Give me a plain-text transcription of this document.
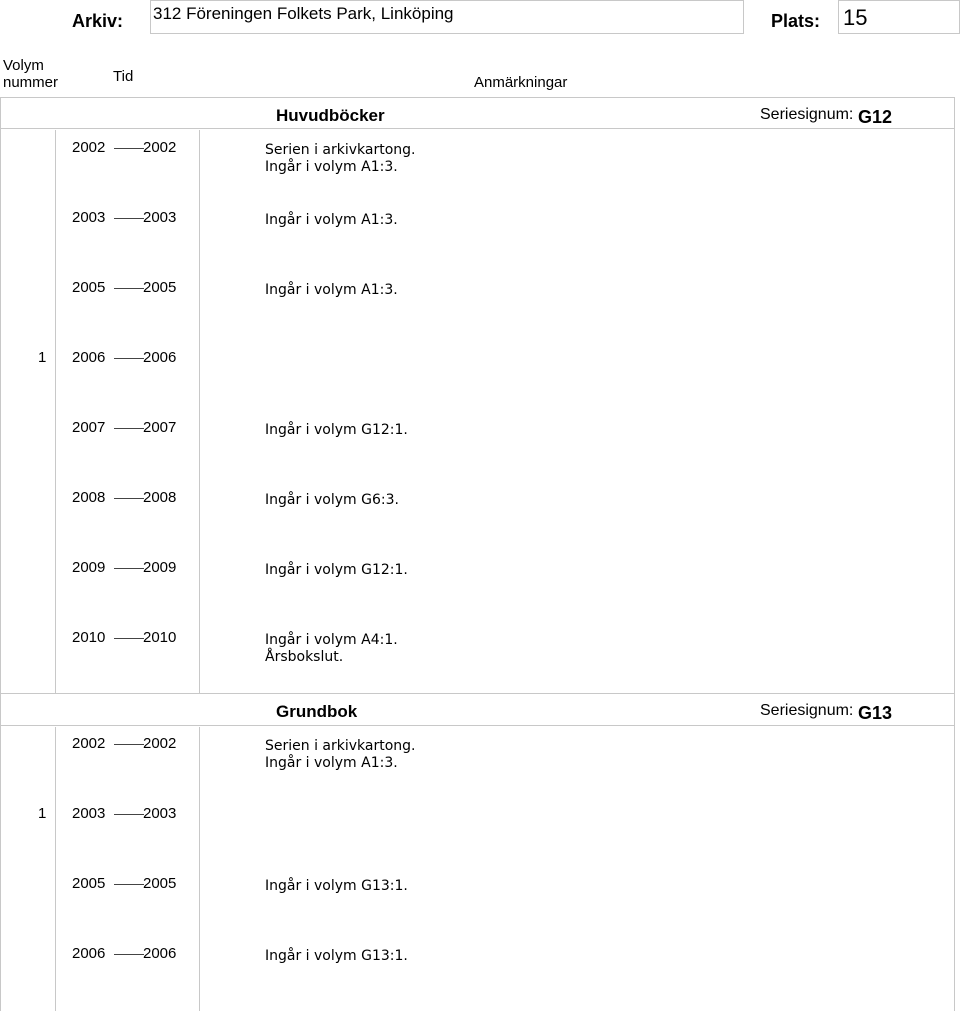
Arkiv: 312 Föreningen Folkets Park, Linköping	Plats: 15
Volym
nummer	Tid	Anmärkningar
Huvudböcker	Seriesignum: G12
2002	2002	Serien i arkivkartong.
Ingår i volym A1:3.
2003	2003	Ingår i volym A1:3.
2005	2005	Ingår i volym A1:3.
1 2006	2006
2007	2007	Ingår i volym G12:1.
2008	2008	Ingår i volym G6:3.
2009	2009	Ingår i volym G12:1.
2010	2010	Ingår i volym A4:1.
Årsbokslut.
Grundbok	Seriesignum: G13
2002	2002	Serien i arkivkartong.
Ingår i volym A1:3.
1 2003	2003
2005	2005	Ingår i volym G13:1.
2006	2006	Ingår i volym G13:1.
